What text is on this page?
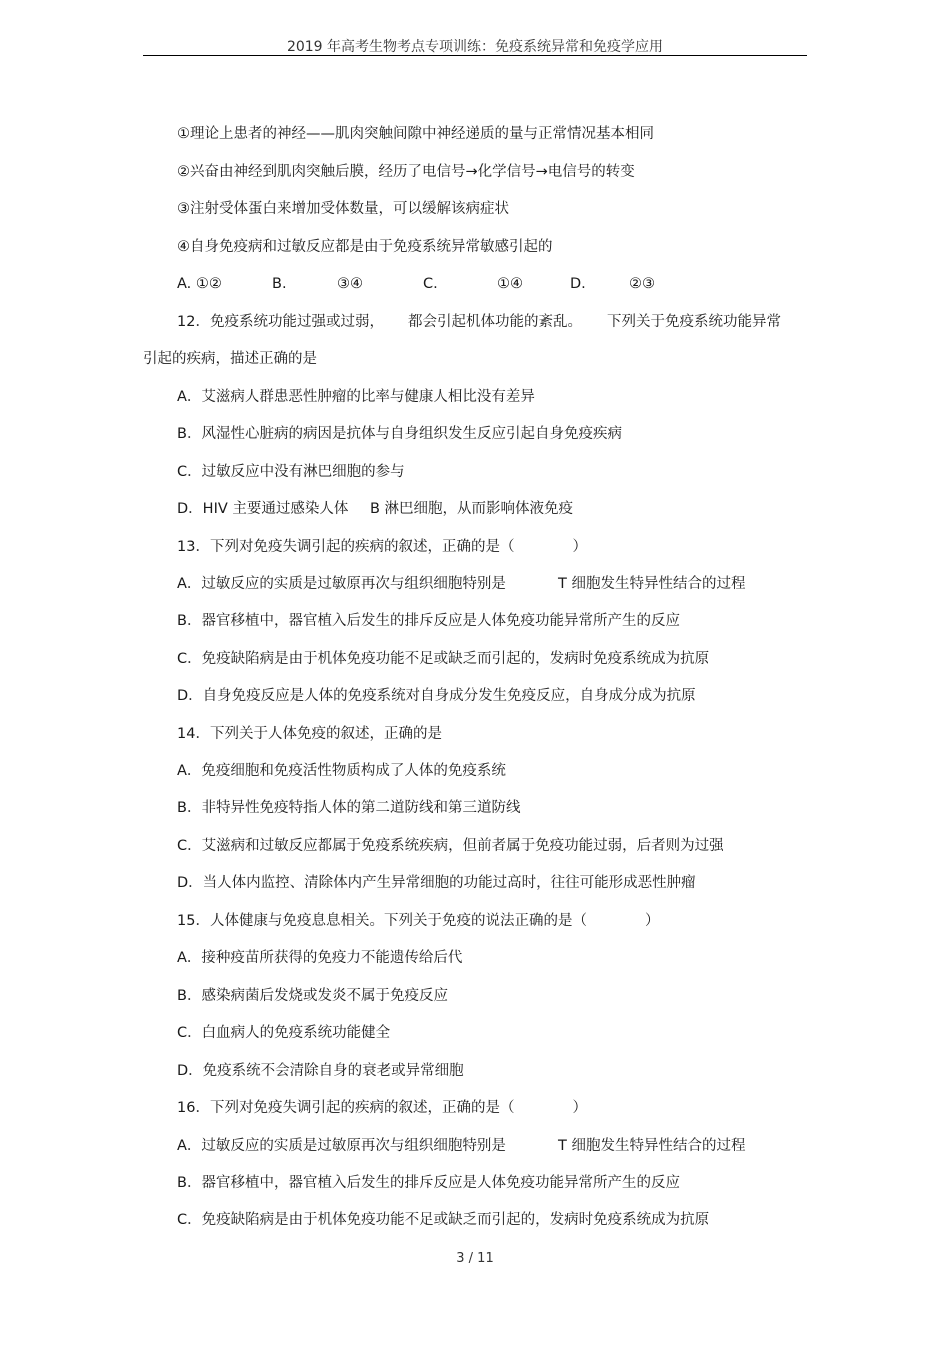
2019 年高考生物考点专项训练：免疫系统异常和免疫学应用
①理论上患者的神经——肌肉突触间隙中神经递质的量与正常情况基本相同
②兴奋由神经到肌肉突触后膜，经历了电信号→化学信号→电信号的转变
③注射受体蛋白来增加受体数量，可以缓解该病症状
④自身免疫病和过敏反应都是由于免疫系统异常敏感引起的
A. ①②	B.	③④	C.	①④	D.	②③
12．免疫系统功能过强或过弱， 都会引起机体功能的紊乱。 下列关于免疫系统功能异常
引起的疾病，描述正确的是
A．艾滋病人群患恶性肿瘤的比率与健康人相比没有差异
B．风湿性心脏病的病因是抗体与自身组织发生反应引起自身免疫疾病
C．过敏反应中没有淋巴细胞的参与
D．HIV 主要通过感染人体 B 淋巴细胞，从而影响体液免疫
13．下列对免疫失调引起的疾病的叙述，正确的是（　　　　）
A．过敏反应的实质是过敏原再次与组织细胞特别是	T 细胞发生特异性结合的过程
B．器官移植中，器官植入后发生的排斥反应是人体免疫功能异常所产生的反应
C．免疫缺陷病是由于机体免疫功能不足或缺乏而引起的，发病时免疫系统成为抗原
D．自身免疫反应是人体的免疫系统对自身成分发生免疫反应，自身成分成为抗原
14．下列关于人体免疫的叙述，正确的是
A．免疫细胞和免疫活性物质构成了人体的免疫系统
B．非特异性免疫特指人体的第二道防线和第三道防线
C．艾滋病和过敏反应都属于免疫系统疾病，但前者属于免疫功能过弱，后者则为过强
D．当人体内监控、清除体内产生异常细胞的功能过高时，往往可能形成恶性肿瘤
15．人体健康与免疫息息相关。下列关于免疫的说法正确的是（　　　　）
A．接种疫苗所获得的免疫力不能遗传给后代
B．感染病菌后发烧或发炎不属于免疫反应
C．白血病人的免疫系统功能健全
D．免疫系统不会清除自身的衰老或异常细胞
16．下列对免疫失调引起的疾病的叙述，正确的是（　　　　）
A．过敏反应的实质是过敏原再次与组织细胞特别是	T 细胞发生特异性结合的过程
B．器官移植中，器官植入后发生的排斥反应是人体免疫功能异常所产生的反应
C．免疫缺陷病是由于机体免疫功能不足或缺乏而引起的，发病时免疫系统成为抗原
3 / 11
